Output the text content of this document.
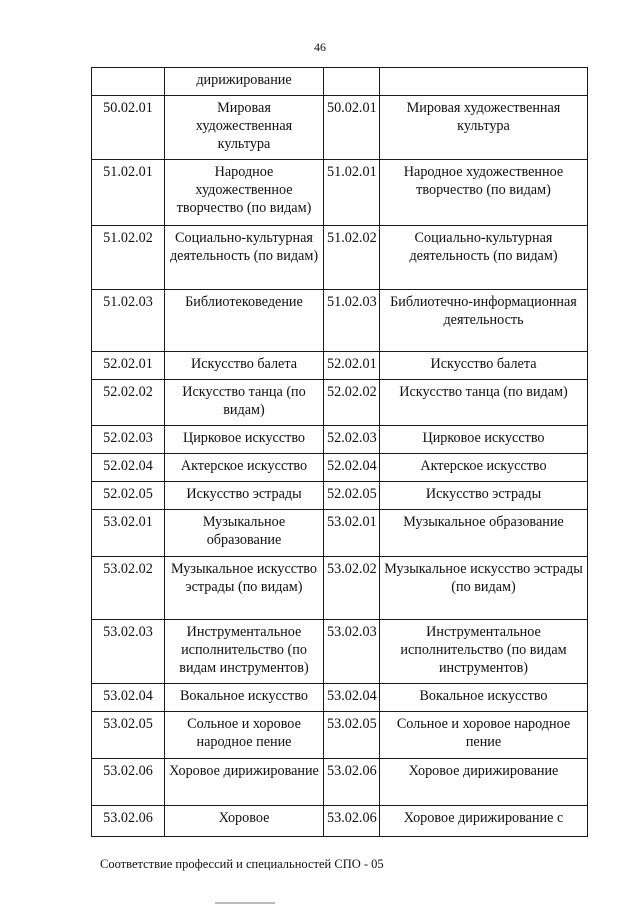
46
	дирижирование		
50.02.01	Мировая художественная культура	50.02.01	Мировая художественная культура
51.02.01	Народное художественное творчество (по видам)	51.02.01	Народное художественное творчество (по видам)
51.02.02	Социально-культурная деятельность (по видам)	51.02.02	Социально-культурная деятельность (по видам)
51.02.03	Библиотековедение	51.02.03	Библиотечно-информационная деятельность
52.02.01	Искусство балета	52.02.01	Искусство балета
52.02.02	Искусство танца (по видам)	52.02.02	Искусство танца (по видам)
52.02.03	Цирковое искусство	52.02.03	Цирковое искусство
52.02.04	Актерское искусство	52.02.04	Актерское искусство
52.02.05	Искусство эстрады	52.02.05	Искусство эстрады
53.02.01	Музыкальное образование	53.02.01	Музыкальное образование
53.02.02	Музыкальное искусство эстрады (по видам)	53.02.02	Музыкальное искусство эстрады (по видам)
53.02.03	Инструментальное исполнительство (по видам инструментов)	53.02.03	Инструментальное исполнительство (по видам инструментов)
53.02.04	Вокальное искусство	53.02.04	Вокальное искусство
53.02.05	Сольное и хоровое народное пение	53.02.05	Сольное и хоровое народное пение
53.02.06	Хоровое дирижирование	53.02.06	Хоровое дирижирование
53.02.06	Хоровое	53.02.06	Хоровое дирижирование с
Соответствие профессий и специальностей СПО - 05
